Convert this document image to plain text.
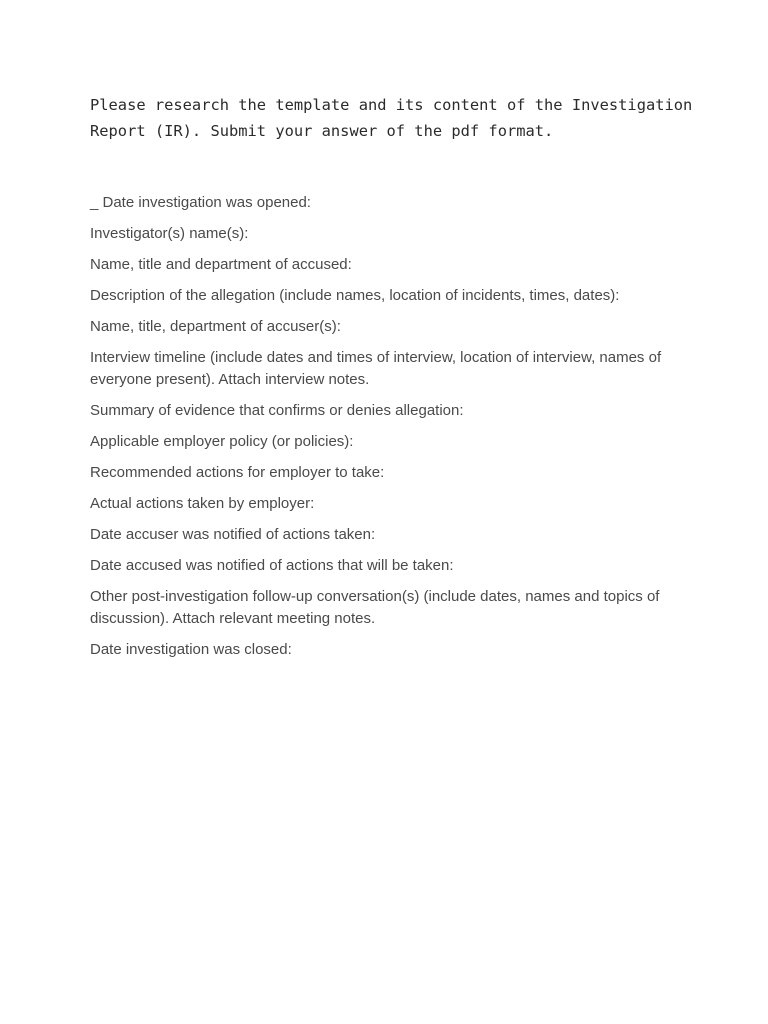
Please research the template and its content of the Investigation
Report (IR). Submit your answer of the pdf format.

_ Date investigation was opened:
Investigator(s) name(s):
Name, title and department of accused:
Description of the allegation (include names, location of incidents, times, dates):
Name, title, department of accuser(s):
Interview timeline (include dates and times of interview, location of interview, names of everyone present). Attach interview notes.
Summary of evidence that confirms or denies allegation:
Applicable employer policy (or policies):
Recommended actions for employer to take:
Actual actions taken by employer:
Date accuser was notified of actions taken:
Date accused was notified of actions that will be taken:
Other post-investigation follow-up conversation(s) (include dates, names and topics of discussion). Attach relevant meeting notes.
Date investigation was closed:
